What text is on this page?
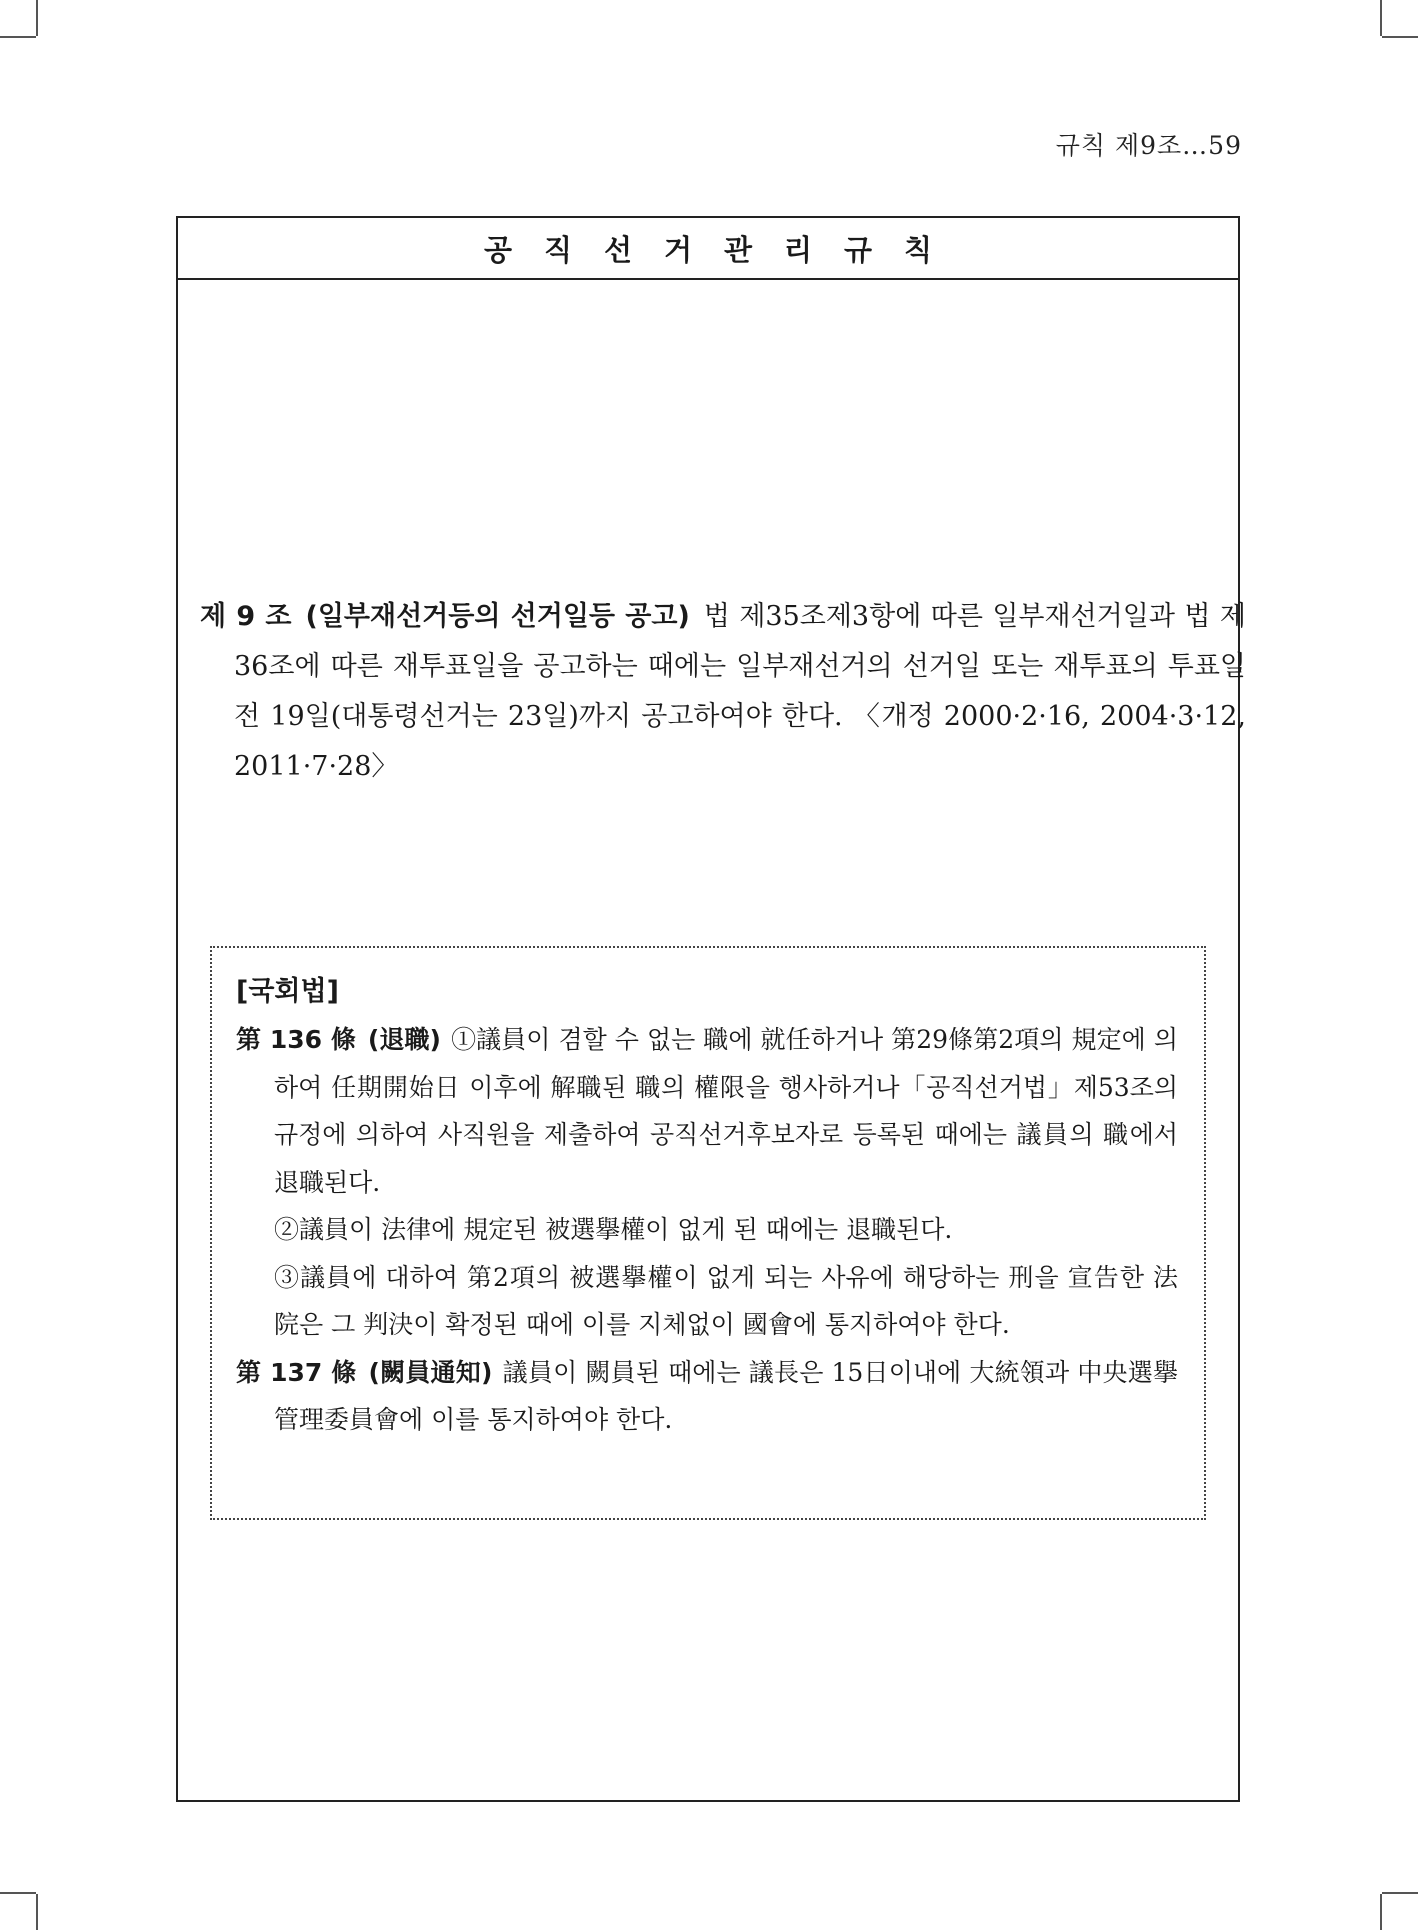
규칙 제9조…59
공직선거관리규칙

제 9 조 (일부재선거등의 선거일등 공고) 법 제35조제3항에 따른 일부재선거일과 법 제36조에 따른 재투표일을 공고하는 때에는 일부재선거의 선거일 또는 재투표의 투표일 전 19일(대통령선거는 23일)까지 공고하여야 한다. 〈개정 2000·2·16, 2004·3·12, 2011·7·28〉

[국회법]

第 136 條 (退職) ①議員이 겸할 수 없는 職에 就任하거나 第29條第2項의 規定에 의하여 任期開始日 이후에 解職된 職의 權限을 행사하거나「공직선거법」제53조의 규정에 의하여 사직원을 제출하여 공직선거후보자로 등록된 때에는 議員의 職에서 退職된다.

②議員이 法律에 規定된 被選擧權이 없게 된 때에는 退職된다.

③議員에 대하여 第2項의 被選擧權이 없게 되는 사유에 해당하는 刑을 宣告한 法院은 그 判決이 확정된 때에 이를 지체없이 國會에 통지하여야 한다.

第 137 條 (闕員通知) 議員이 闕員된 때에는 議長은 15日이내에 大統領과 中央選擧管理委員會에 이를 통지하여야 한다.
